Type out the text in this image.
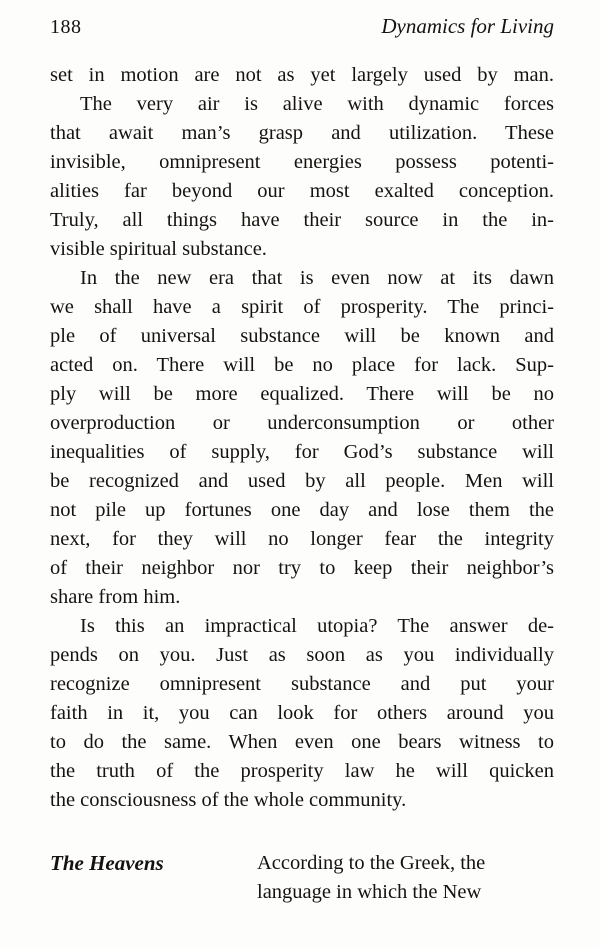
188	Dynamics for Living
set in motion are not as yet largely used by man.
The very air is alive with dynamic forces
that await man’s grasp and utilization. These
invisible, omnipresent energies possess potenti-
alities far beyond our most exalted conception.
Truly, all things have their source in the in-
visible spiritual substance.
In the new era that is even now at its dawn
we shall have a spirit of prosperity. The princi-
ple of universal substance will be known and
acted on. There will be no place for lack. Sup-
ply will be more equalized. There will be no
overproduction or underconsumption or other
inequalities of supply, for God’s substance will
be recognized and used by all people. Men will
not pile up fortunes one day and lose them the
next, for they will no longer fear the integrity
of their neighbor nor try to keep their neighbor’s
share from him.
Is this an impractical utopia? The answer de-
pends on you. Just as soon as you individually
recognize omnipresent substance and put your
faith in it, you can look for others around you
to do the same. When even one bears witness to
the truth of the prosperity law he will quicken
the consciousness of the whole community.
The Heavens	According to the Greek, the
language in which the New
